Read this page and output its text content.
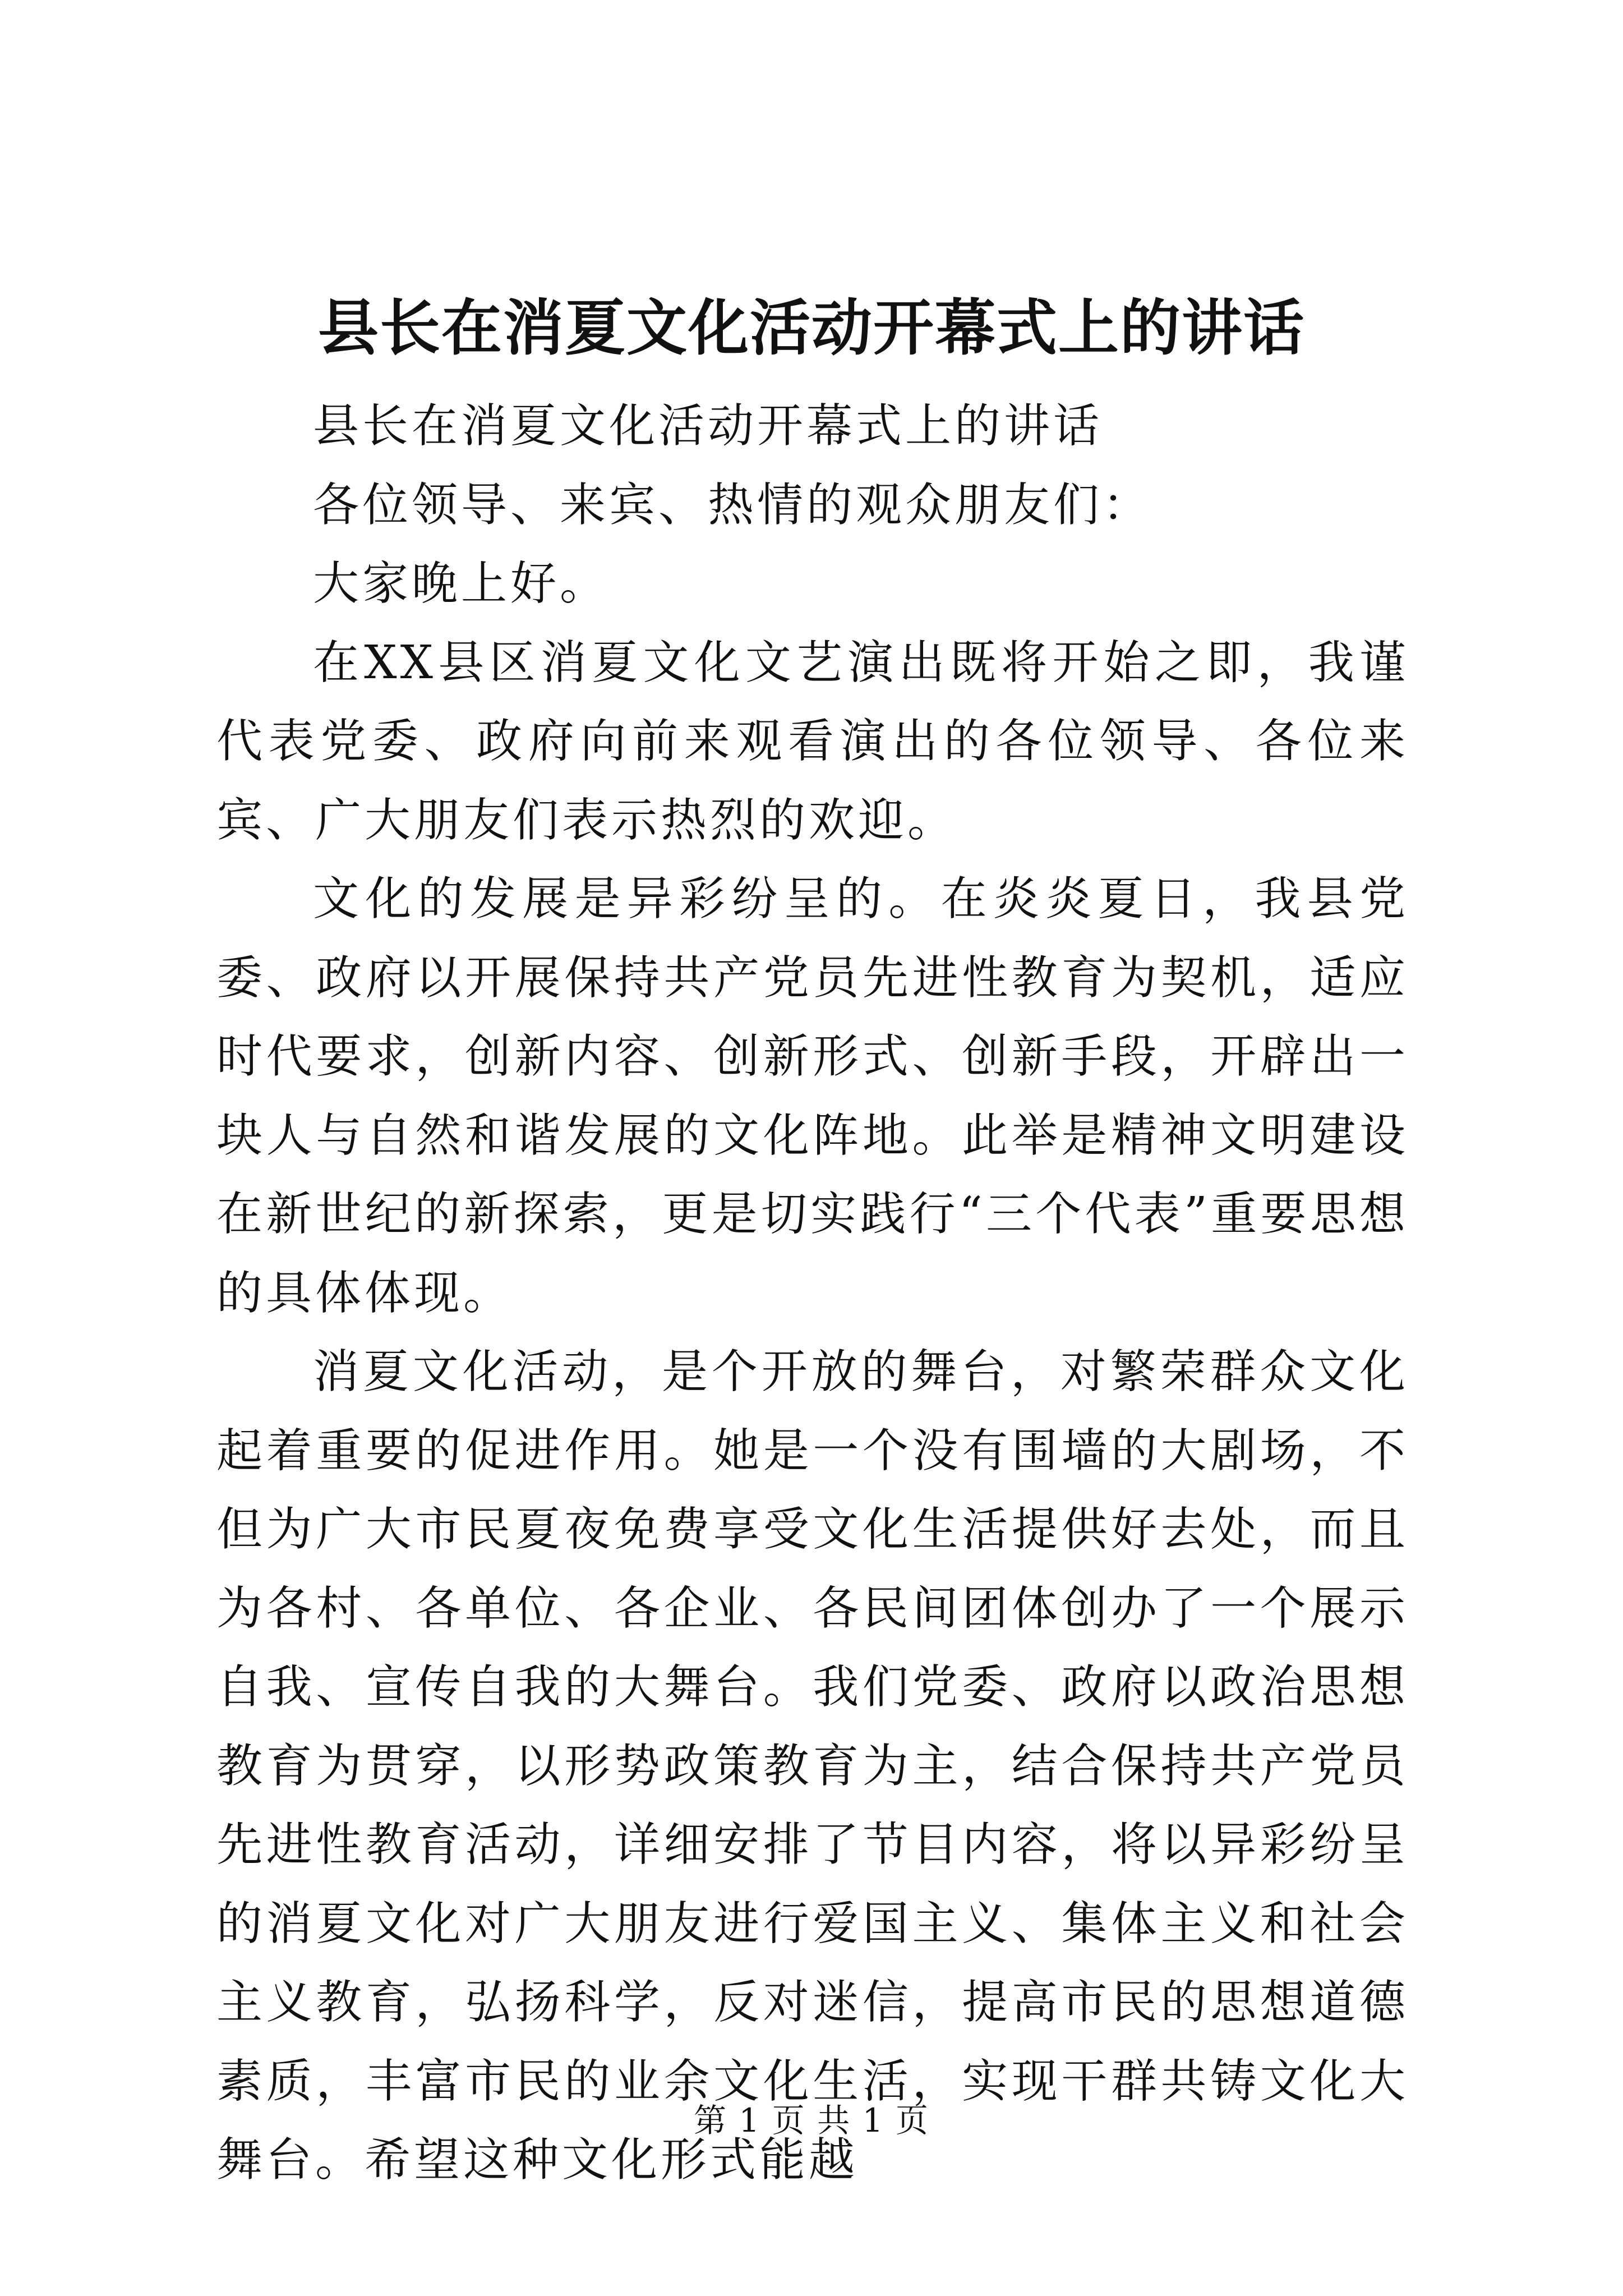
县长在消夏文化活动开幕式上的讲话

县长在消夏文化活动开幕式上的讲话

各位领导、来宾、热情的观众朋友们：

大家晚上好。

在XX县区消夏文化文艺演出既将开始之即，我谨代表党委、政府向前来观看演出的各位领导、各位来宾、广大朋友们表示热烈的欢迎。

文化的发展是异彩纷呈的。在炎炎夏日，我县党委、政府以开展保持共产党员先进性教育为契机，适应时代要求，创新内容、创新形式、创新手段，开辟出一块人与自然和谐发展的文化阵地。此举是精神文明建设在新世纪的新探索，更是切实践行“三个代表”重要思想的具体体现。

消夏文化活动，是个开放的舞台，对繁荣群众文化起着重要的促进作用。她是一个没有围墙的大剧场，不但为广大市民夏夜免费享受文化生活提供好去处，而且为各村、各单位、各企业、各民间团体创办了一个展示自我、宣传自我的大舞台。我们党委、政府以政治思想教育为贯穿，以形势政策教育为主，结合保持共产党员先进性教育活动，详细安排了节目内容，将以异彩纷呈的消夏文化对广大朋友进行爱国主义、集体主义和社会主义教育，弘扬科学，反对迷信，提高市民的思想道德素质，丰富市民的业余文化生活，实现干群共铸文化大舞台。希望这种文化形式能越

第 1 页 共 1 页
